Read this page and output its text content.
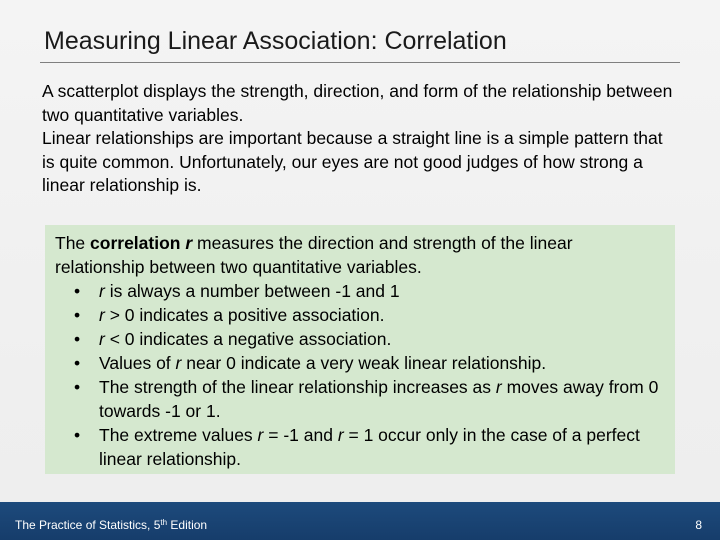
Measuring Linear Association: Correlation

A scatterplot displays the strength, direction, and form of the relationship between two quantitative variables.

Linear relationships are important because a straight line is a simple pattern that is quite common. Unfortunately, our eyes are not good judges of how strong a linear relationship is.

The correlation r measures the direction and strength of the linear relationship between two quantitative variables.

• r is always a number between -1 and 1
• r > 0 indicates a positive association.
• r < 0 indicates a negative association.
• Values of r near 0 indicate a very weak linear relationship.
• The strength of the linear relationship increases as r moves away from 0 towards -1 or 1.
• The extreme values r = -1 and r = 1 occur only in the case of a perfect linear relationship.
The Practice of Statistics, 5th Edition	8
